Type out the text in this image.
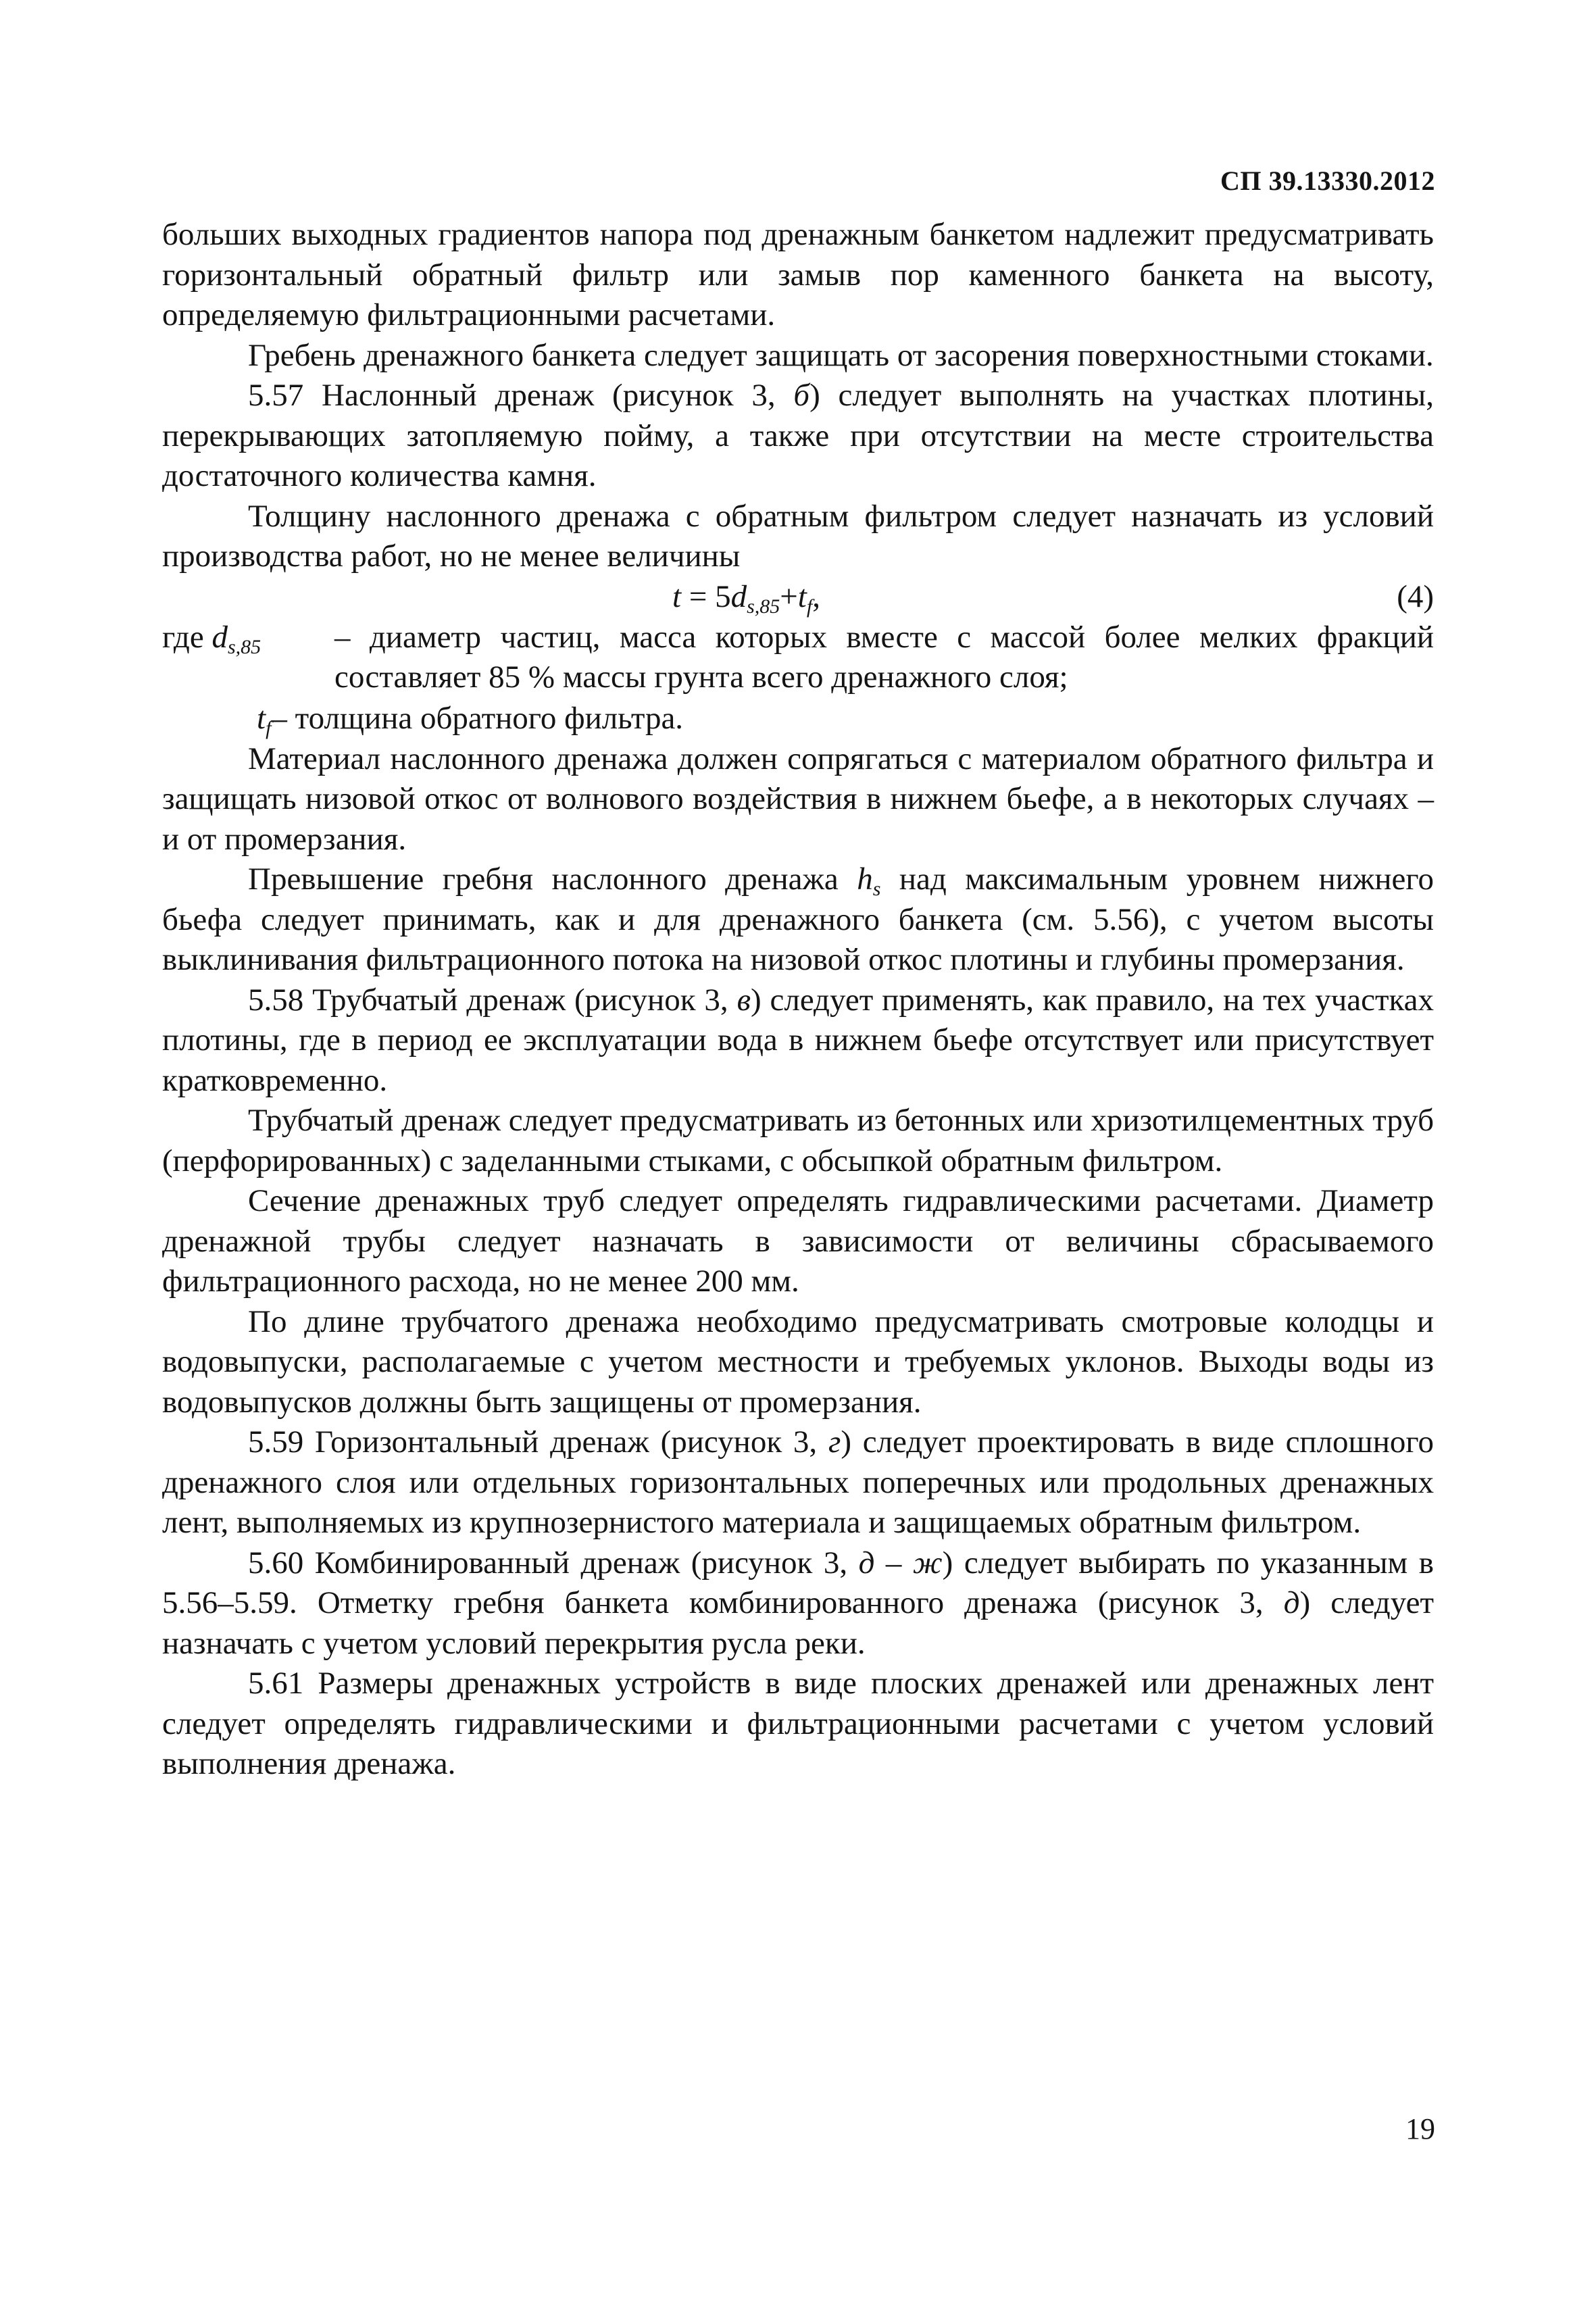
СП 39.13330.2012

больших выходных градиентов напора под дренажным банкетом надлежит предусматривать горизонтальный обратный фильтр или замыв пор каменного банкета на высоту, определяемую фильтрационными расчетами.

Гребень дренажного банкета следует защищать от засорения поверхностными стоками.

5.57 Наслонный дренаж (рисунок 3, б) следует выполнять на участках плотины, перекрывающих затопляемую пойму, а также при отсутствии на месте строительства достаточного количества камня.

Толщину наслонного дренажа с обратным фильтром следует назначать из условий производства работ, но не менее величины

$t = 5d_{s,85}+t_f$,	(4)
где $d_{s,85}$ – диаметр частиц, масса которых вместе с массой более мелких фракций составляет 85 % массы грунта всего дренажного слоя;
$t_f-$ толщина обратного фильтра.

Материал наслонного дренажа должен сопрягаться с материалом обратного фильтра и защищать низовой откос от волнового воздействия в нижнем бьефе, а в некоторых случаях – и от промерзания.

Превышение гребня наслонного дренажа $h_s$ над максимальным уровнем нижнего бьефа следует принимать, как и для дренажного банкета (см. 5.56), с учетом высоты выклинивания фильтрационного потока на низовой откос плотины и глубины промерзания.

5.58 Трубчатый дренаж (рисунок 3, в) следует применять, как правило, на тех участках плотины, где в период ее эксплуатации вода в нижнем бьефе отсутствует или присутствует кратковременно.

Трубчатый дренаж следует предусматривать из бетонных или хризотилцементных труб (перфорированных) с заделанными стыками, с обсыпкой обратным фильтром.

Сечение дренажных труб следует определять гидравлическими расчетами. Диаметр дренажной трубы следует назначать в зависимости от величины сбрасываемого фильтрационного расхода, но не менее 200 мм.

По длине трубчатого дренажа необходимо предусматривать смотровые колодцы и водовыпуски, располагаемые с учетом местности и требуемых уклонов. Выходы воды из водовыпусков должны быть защищены от промерзания.

5.59 Горизонтальный дренаж (рисунок 3, г) следует проектировать в виде сплошного дренажного слоя или отдельных горизонтальных поперечных или продольных дренажных лент, выполняемых из крупнозернистого материала и защищаемых обратным фильтром.

5.60 Комбинированный дренаж (рисунок 3, д – ж) следует выбирать по указанным в 5.56–5.59. Отметку гребня банкета комбинированного дренажа (рисунок 3, д) следует назначать с учетом условий перекрытия русла реки.

5.61 Размеры дренажных устройств в виде плоских дренажей или дренажных лент следует определять гидравлическими и фильтрационными расчетами с учетом условий выполнения дренажа.

19
